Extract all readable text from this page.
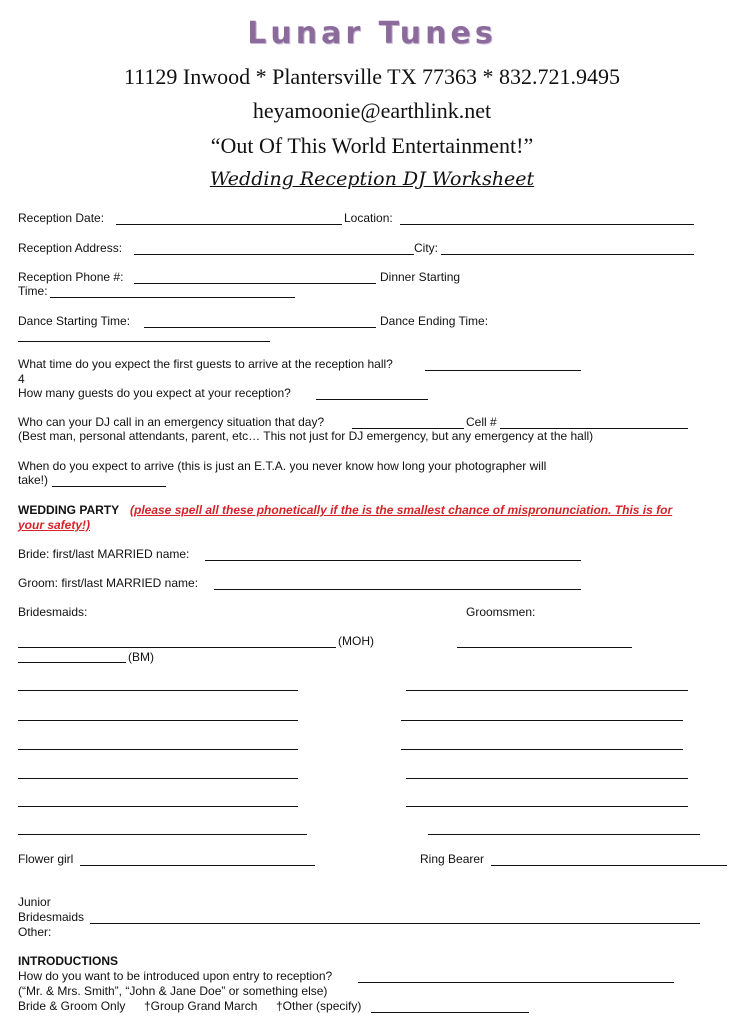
Lunar Tunes
11129 Inwood * Plantersville TX 77363 * 832.721.9495
heyamoonie@earthlink.net
“Out Of This World Entertainment!”
Wedding Reception DJ Worksheet
Reception Date:	Location:
Reception Address:	City:
Reception Phone #:	Dinner Starting
Time:
Dance Starting Time:	Dance Ending Time:
What time do you expect the first guests to arrive at the reception hall?
4
How many guests do you expect at your reception?
Who can your DJ call in an emergency situation that day?	Cell #
(Best man, personal attendants, parent, etc… This not just for DJ emergency, but any emergency at the hall)
When do you expect to arrive (this is just an E.T.A. you never know how long your photographer will
take!)
WEDDING PARTY (please spell all these phonetically if the is the smallest chance of mispronunciation. This is for
your safety!)
Bride: first/last MARRIED name:
Groom: first/last MARRIED name:
Bridesmaids:	Groomsmen:
(MOH)
(BM)
Flower girl	Ring Bearer
Junior
Bridesmaids
Other:
INTRODUCTIONS
How do you want to be introduced upon entry to reception?
(“Mr. & Mrs. Smith”, “John & Jane Doe” or something else)
Bride & Groom Only †Group Grand March †Other (specify)
